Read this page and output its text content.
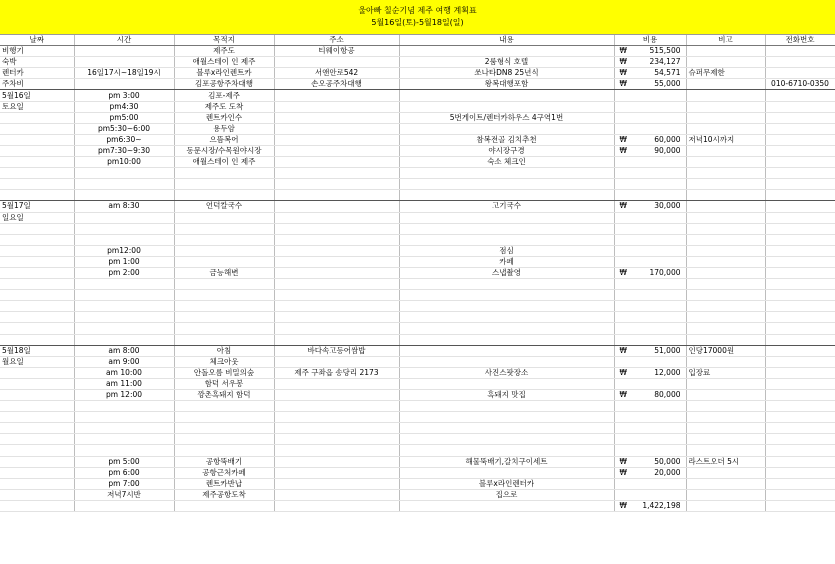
울아빠 칠순기념 제주 여행 계획표
5월16일(토)-5월18일(일)
날짜	시간	목적지	주소	내용	비용	비고	전화번호
비행기		제주도	티웨이항공		₩ 515,500		
숙박		애월스테이 인 제주		2룸형식 호텔	₩ 234,127		
렌터카	16일17시~18일19시	블루x라인렌트카	서앤안로542	쏘나타DN8 25년식	₩ 54,571	슈퍼무제한	
주차비		김포공항주차대행	손오공주차대행	왕복대행포함	₩ 55,000		010-6710-0350
5월16일	pm 3:00	김포-제주					
토요일	pm4:30	제주도 도착					
	pm5:00	렌트카인수		5번게이트/렌터카하우스 4구역1번			
	pm5:30~6:00	용두암					
	pm6:30~	으뜸복어		참복전골 김치추천	₩ 60,000	저녁10시까지	
	pm7:30~9:30	동문시장/수목원야시장		야시장구경	₩ 90,000		
	pm10:00	애월스테이 인 제주		숙소 체크인			

5월17일	am 8:30	언덕칼국수		고기국수	₩ 30,000		
일요일							

	pm12:00			점심			
	pm 1:00			카페			
	pm 2:00	금능해변		스냅촬영	₩ 170,000		

5월18일	am 8:00	아침	바다속고등어쌈밥		₩ 51,000	인당17000원	
월요일	am 9:00	체크아웃					
	am 10:00	안돌오름 비밀의숲	제주 구좌읍 송당리 2173	사진스팟장소	₩ 12,000	입장료	
	am 11:00	함덕 서우봉					
	pm 12:00	깡촌흑돼지 함덕		흑돼지 맛집	₩ 80,000		

	pm 5:00	공항뚝배기		해물뚝배기,갈치구이세트	₩ 50,000	라스트오더 5시	
	pm 6:00	공항근처카페			₩ 20,000		
	pm 7:00	렌트카반납		블루x라인렌터카			
	저녁7시반	제주공항도착		집으로			

					₩ 1,422,198		
